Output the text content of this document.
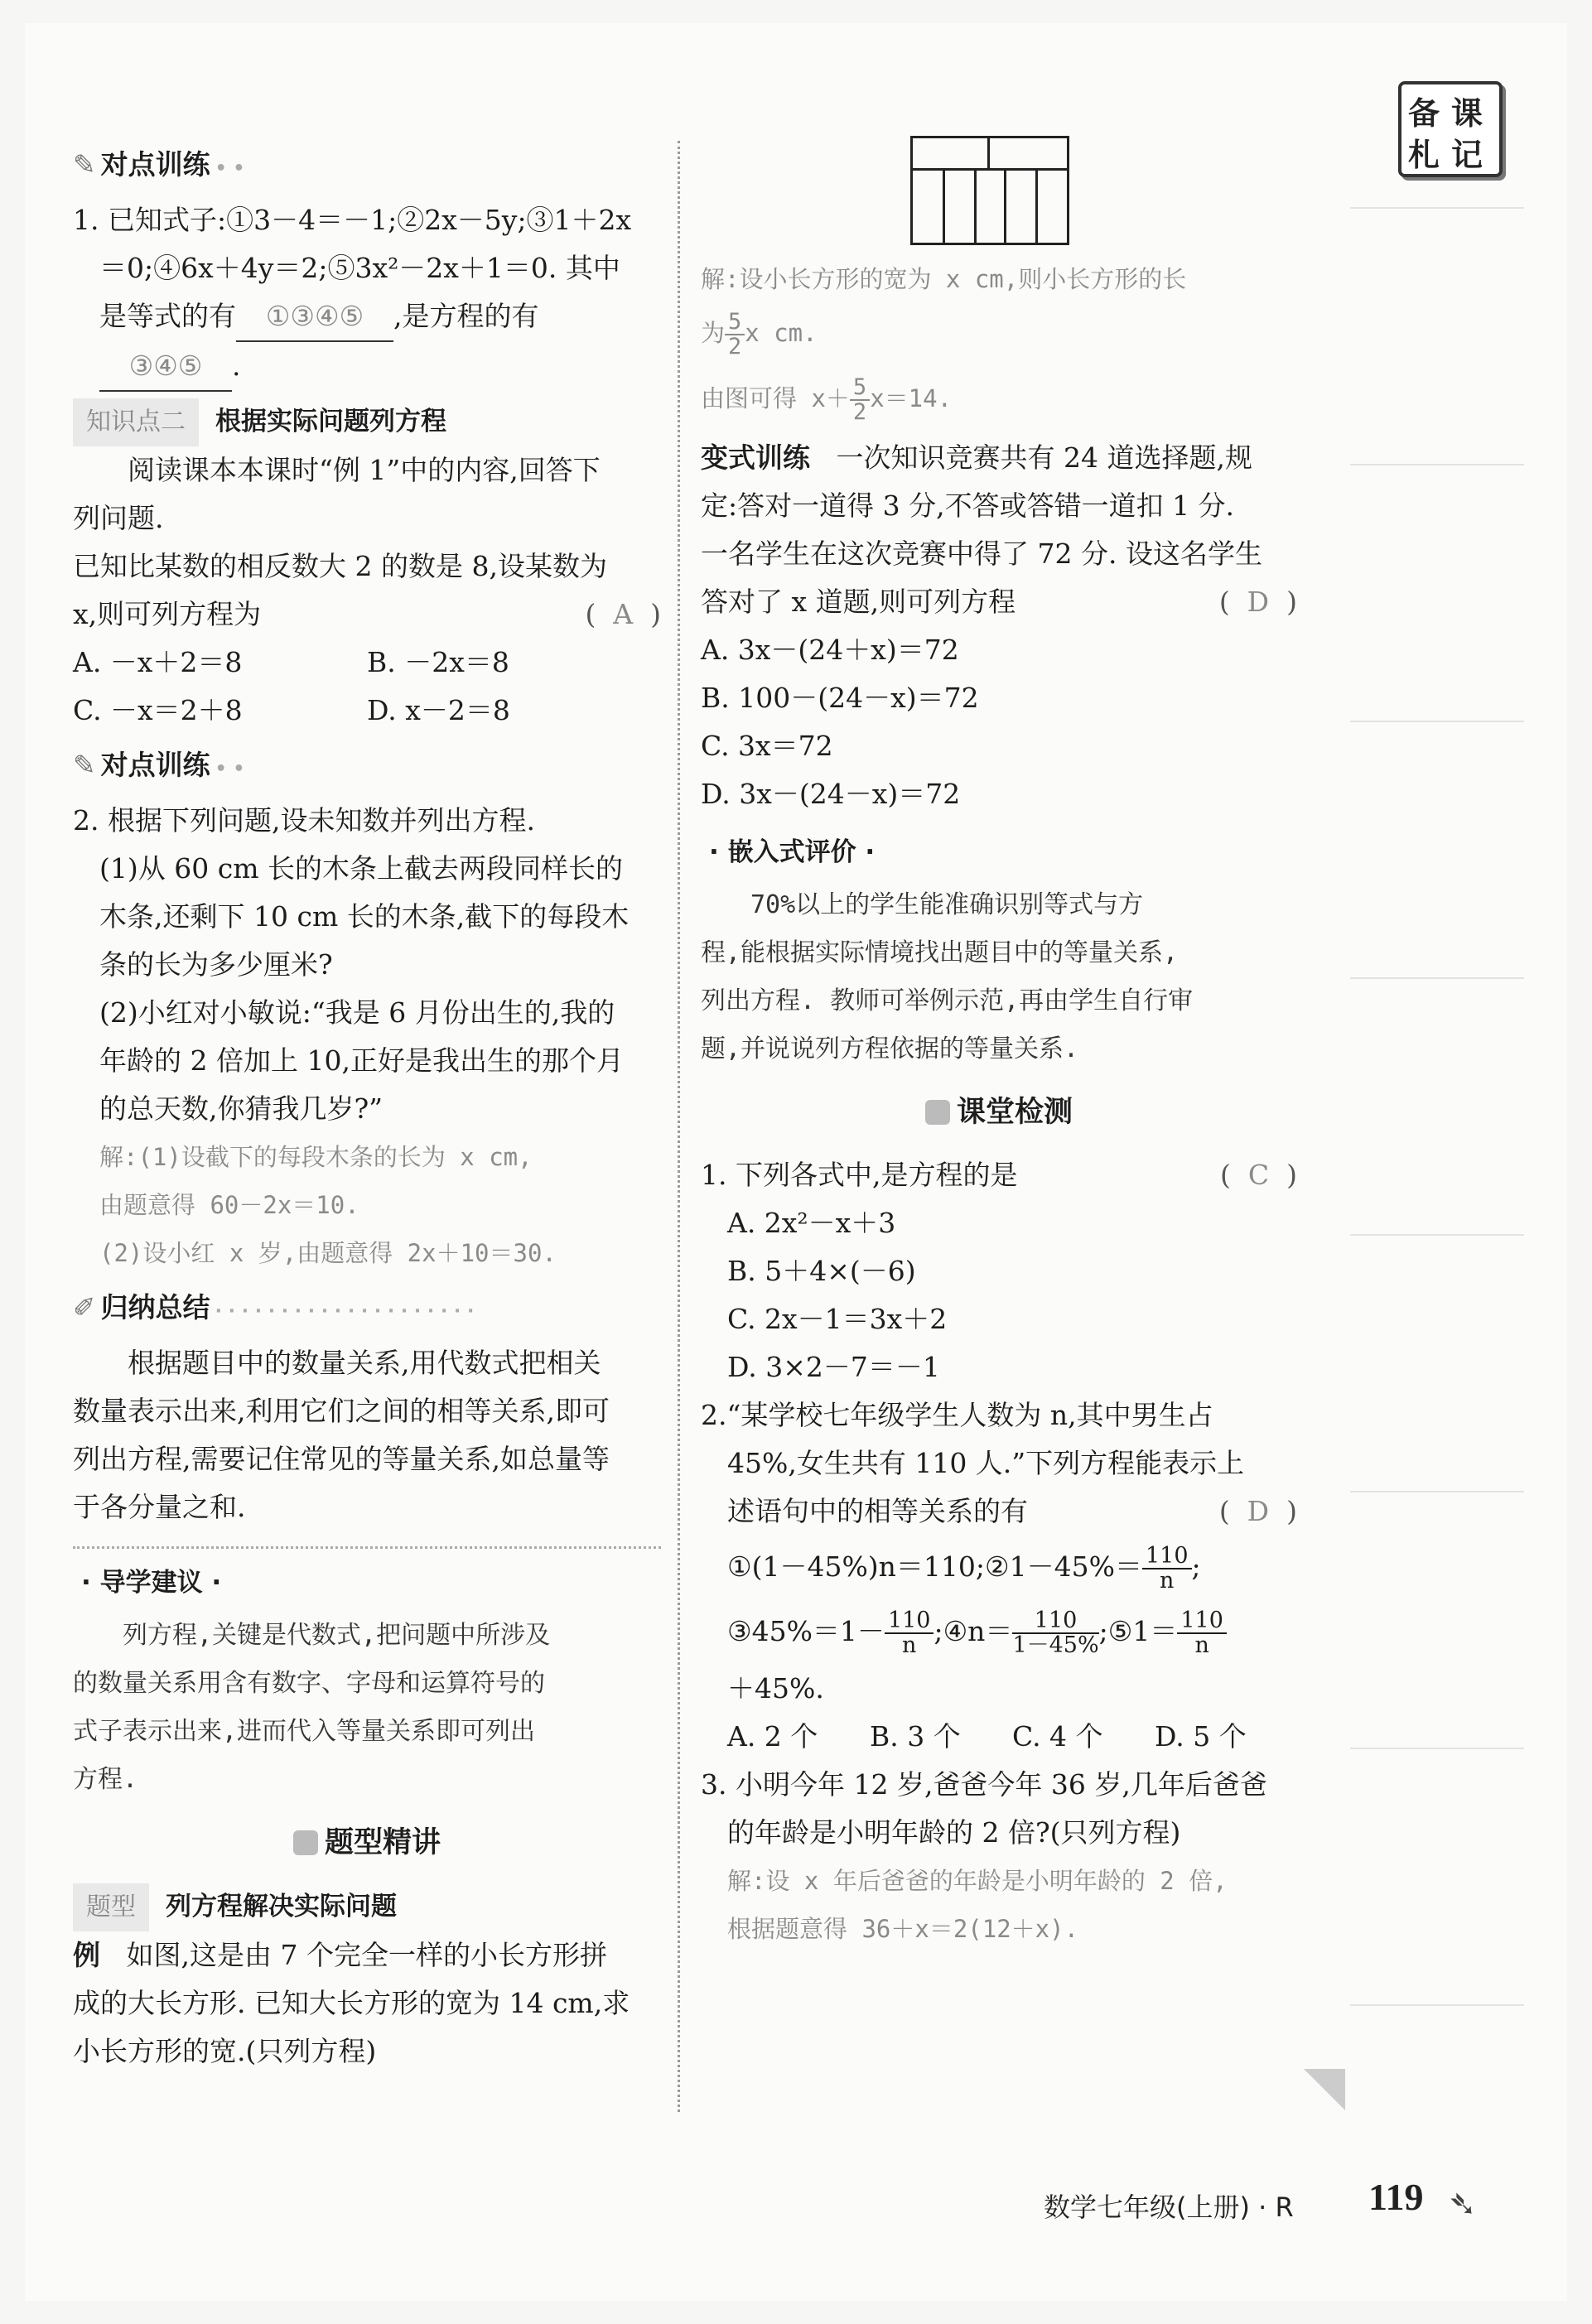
备 课
札 记
✎ 对点训练 • •

1. 已知式子:①3－4＝－1;②2x－5y;③1＋2x

＝0;④6x＋4y＝2;⑤3x²－2x＋1＝0. 其中

是等式的有 ①③④⑤ ,是方程的有

③④⑤ .

知识点二 根据实际问题列方程

阅读课本本课时“例 1”中的内容,回答下

列问题.

已知比某数的相反数大 2 的数是 8,设某数为

x,则可列方程为	(  A  )

A. －x＋2＝8	B. －2x＝8
C. －x＝2＋8	D. x－2＝8
✎ 对点训练 • •

2. 根据下列问题,设未知数并列出方程.

(1)从 60 cm 长的木条上截去两段同样长的

木条,还剩下 10 cm 长的木条,截下的每段木

条的长为多少厘米?

(2)小红对小敏说:“我是 6 月份出生的,我的

年龄的 2 倍加上 10,正好是我出生的那个月

的总天数,你猜我几岁?”

解:(1)设截下的每段木条的长为 x cm,

由题意得 60－2x＝10.

(2)设小红 x 岁,由题意得 2x＋10＝30.

✐ 归纳总结 · · · · · · · · · · · · · · · · · · · ·

根据题目中的数量关系,用代数式把相关

数量表示出来,利用它们之间的相等关系,即可

列出方程,需要记住常见的等量关系,如总量等

于各分量之和.

· 导学建议 ·

列方程,关键是代数式,把问题中所涉及

的数量关系用含有数字、字母和运算符号的

式子表示出来,进而代入等量关系即可列出

方程.

题型精讲
题型 列方程解决实际问题

例 如图,这是由 7 个完全一样的小长方形拼

成的大长方形. 已知大长方形的宽为 14 cm,求

小长方形的宽.(只列方程)

解:设小长方形的宽为 x cm,则小长方形的长

为 $\frac{5}{2}$ x cm.

由图可得 $x+ \frac{5}{2} x=14$.

变式训练 一次知识竞赛共有 24 道选择题,规

定:答对一道得 3 分,不答或答错一道扣 1 分.

一名学生在这次竞赛中得了 72 分. 设这名学生

答对了 x 道题,则可列方程	(  D  )

A. 3x－(24＋x)＝72

B. 100－(24－x)＝72

C. 3x＝72

D. 3x－(24－x)＝72

· 嵌入式评价 ·

70%以上的学生能准确识别等式与方

程,能根据实际情境找出题目中的等量关系,

列出方程. 教师可举例示范,再由学生自行审

题,并说说列方程依据的等量关系.

课堂检测

1. 下列各式中,是方程的是	(  C  )

A. 2x²－x＋3

B. 5＋4×(－6)

C. 2x－1＝3x＋2

D. 3×2－7＝－1

2.“某学校七年级学生人数为 n,其中男生占

45%,女生共有 110 人.”下列方程能表示上

述语句中的相等关系的有	(  D  )

①(1－45%)n＝110;②1－45%＝ $\frac{110}{n}$ ;

③45%＝1－ $\frac{110}{n}$ ;④n＝ $\frac{110}{1-45\%}$ ;⑤1＝ $\frac{110}{n}$

＋45%.

A. 2 个	B. 3 个	C. 4 个	D. 5 个

3. 小明今年 12 岁,爸爸今年 36 岁,几年后爸爸

的年龄是小明年龄的 2 倍?(只列方程)

解:设 x 年后爸爸的年龄是小明年龄的 2 倍,

根据题意得 36＋x＝2(12＋x).

数学七年级(上册) · R 119 ➴
